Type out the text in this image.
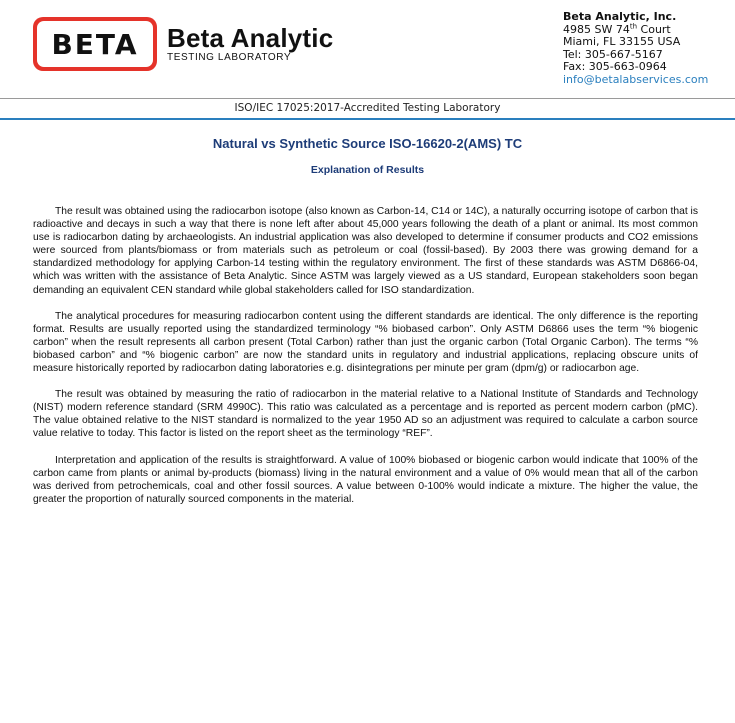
BETA	Beta Analytic
TESTING LABORATORY
Beta Analytic, Inc.
4985 SW 74th Court
Miami, FL 33155 USA
Tel: 305-667-5167
Fax: 305-663-0964
info@betalabservices.com
ISO/IEC 17025:2017-Accredited Testing Laboratory
Natural vs Synthetic Source ISO-16620-2(AMS) TC
Explanation of Results

The result was obtained using the radiocarbon isotope (also known as Carbon-14, C14 or 14C), a naturally occurring isotope of carbon that is radioactive and decays in such a way that there is none left after about 45,000 years following the death of a plant or animal. Its most common use is radiocarbon dating by archaeologists. An industrial application was also developed to determine if consumer products and CO2 emissions were sourced from plants/biomass or from materials such as petroleum or coal (fossil-based). By 2003 there was growing demand for a standardized methodology for applying Carbon-14 testing within the regulatory environment. The first of these standards was ASTM D6866-04, which was written with the assistance of Beta Analytic. Since ASTM was largely viewed as a US standard, European stakeholders soon began demanding an equivalent CEN standard while global stakeholders called for ISO standardization.

The analytical procedures for measuring radiocarbon content using the different standards are identical. The only difference is the reporting format. Results are usually reported using the standardized terminology “% biobased carbon”. Only ASTM D6866 uses the term “% biogenic carbon” when the result represents all carbon present (Total Carbon) rather than just the organic carbon (Total Organic Carbon). The terms “% biobased carbon” and “% biogenic carbon” are now the standard units in regulatory and industrial applications, replacing obscure units of measure historically reported by radiocarbon dating laboratories e.g. disintegrations per minute per gram (dpm/g) or radiocarbon age.

The result was obtained by measuring the ratio of radiocarbon in the material relative to a National Institute of Standards and Technology (NIST) modern reference standard (SRM 4990C). This ratio was calculated as a percentage and is reported as percent modern carbon (pMC). The value obtained relative to the NIST standard is normalized to the year 1950 AD so an adjustment was required to calculate a carbon source value relative to today. This factor is listed on the report sheet as the terminology “REF”.

Interpretation and application of the results is straightforward. A value of 100% biobased or biogenic carbon would indicate that 100% of the carbon came from plants or animal by-products (biomass) living in the natural environment and a value of 0% would mean that all of the carbon was derived from petrochemicals, coal and other fossil sources. A value between 0-100% would indicate a mixture. The higher the value, the greater the proportion of naturally sourced components in the material.
